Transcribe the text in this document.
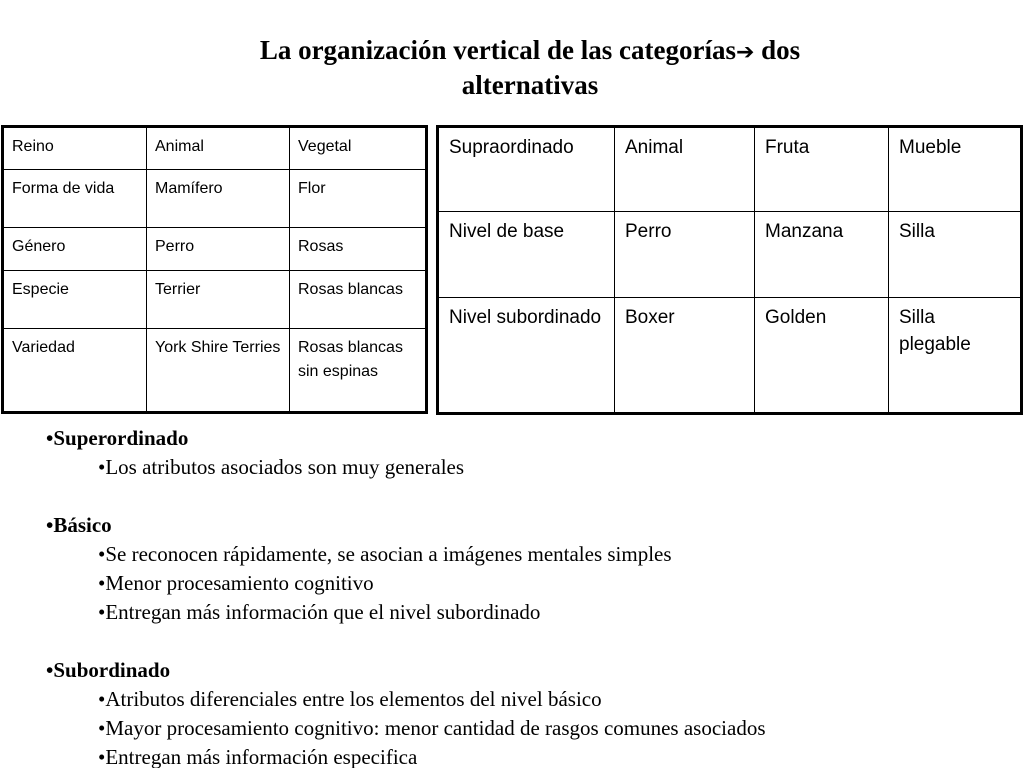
La organización vertical de las categorías➔ dos
alternativas
Reino	Animal	Vegetal
Forma de vida	Mamífero	Flor
Género	Perro	Rosas
Especie	Terrier	Rosas blancas
Variedad	York Shire Terries	Rosas blancas sin espinas
Supraordinado	Animal	Fruta	Mueble
Nivel de base	Perro	Manzana	Silla
Nivel subordinado	Boxer	Golden	Silla plegable

•Superordinado

•Los atributos asociados son muy generales

•Básico

•Se reconocen rápidamente, se asocian a imágenes mentales simples

•Menor procesamiento cognitivo

•Entregan más información que el nivel subordinado

•Subordinado

•Atributos diferenciales entre los elementos del nivel básico

•Mayor procesamiento cognitivo: menor cantidad de rasgos comunes asociados

•Entregan más información especifica
